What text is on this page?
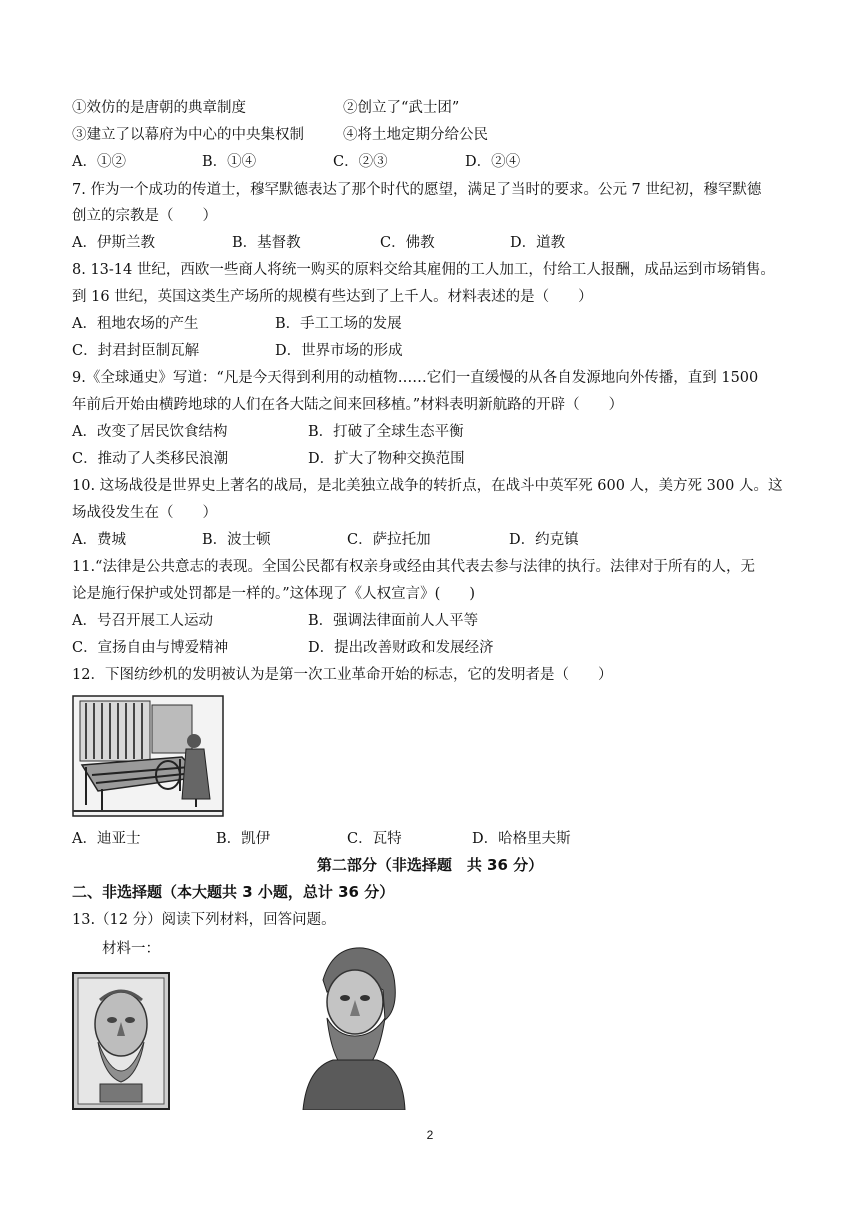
①效仿的是唐朝的典章制度	②创立了“武士团”
③建立了以幕府为中心的中央集权制	④将土地定期分给公民
A．①②	B．①④	C．②③	D．②④
7. 作为一个成功的传道士，穆罕默德表达了那个时代的愿望，满足了当时的要求。公元 7 世纪初，穆罕默德
创立的宗教是（　　）
A．伊斯兰教	B．基督教	C．佛教	D．道教
8. 13-14 世纪，西欧一些商人将统一购买的原料交给其雇佣的工人加工，付给工人报酬，成品运到市场销售。
到 16 世纪，英国这类生产场所的规模有些达到了上千人。材料表述的是（　　）
A．租地农场的产生	B．手工工场的发展
C．封君封臣制瓦解	D．世界市场的形成
9.《全球通史》写道：“凡是今天得到利用的动植物……它们一直缓慢的从各自发源地向外传播，直到 1500
年前后开始由横跨地球的人们在各大陆之间来回移植。”材料表明新航路的开辟（　　）
A．改变了居民饮食结构	B．打破了全球生态平衡
C．推动了人类移民浪潮	D．扩大了物种交换范围
10. 这场战役是世界史上著名的战局，是北美独立战争的转折点，在战斗中英军死 600 人，美方死 300 人。这
场战役发生在（　　）
A．费城	B．波士顿	C．萨拉托加	D．约克镇
11.“法律是公共意志的表现。全国公民都有权亲身或经由其代表去参与法律的执行。法律对于所有的人，无
论是施行保护或处罚都是一样的。”这体现了《人权宣言》(　　)
A．号召开展工人运动	B．强调法律面前人人平等
C．宣扬自由与博爱精神	D．提出改善财政和发展经济
12．下图纺纱机的发明被认为是第一次工业革命开始的标志，它的发明者是（　　）
A．迪亚士	B．凯伊	C．瓦特	D．哈格里夫斯
第二部分（非选择题　共 36 分）
二、非选择题（本大题共 3 小题，总计 36 分）
13.（12 分）阅读下列材料，回答问题。
材料一：
2
